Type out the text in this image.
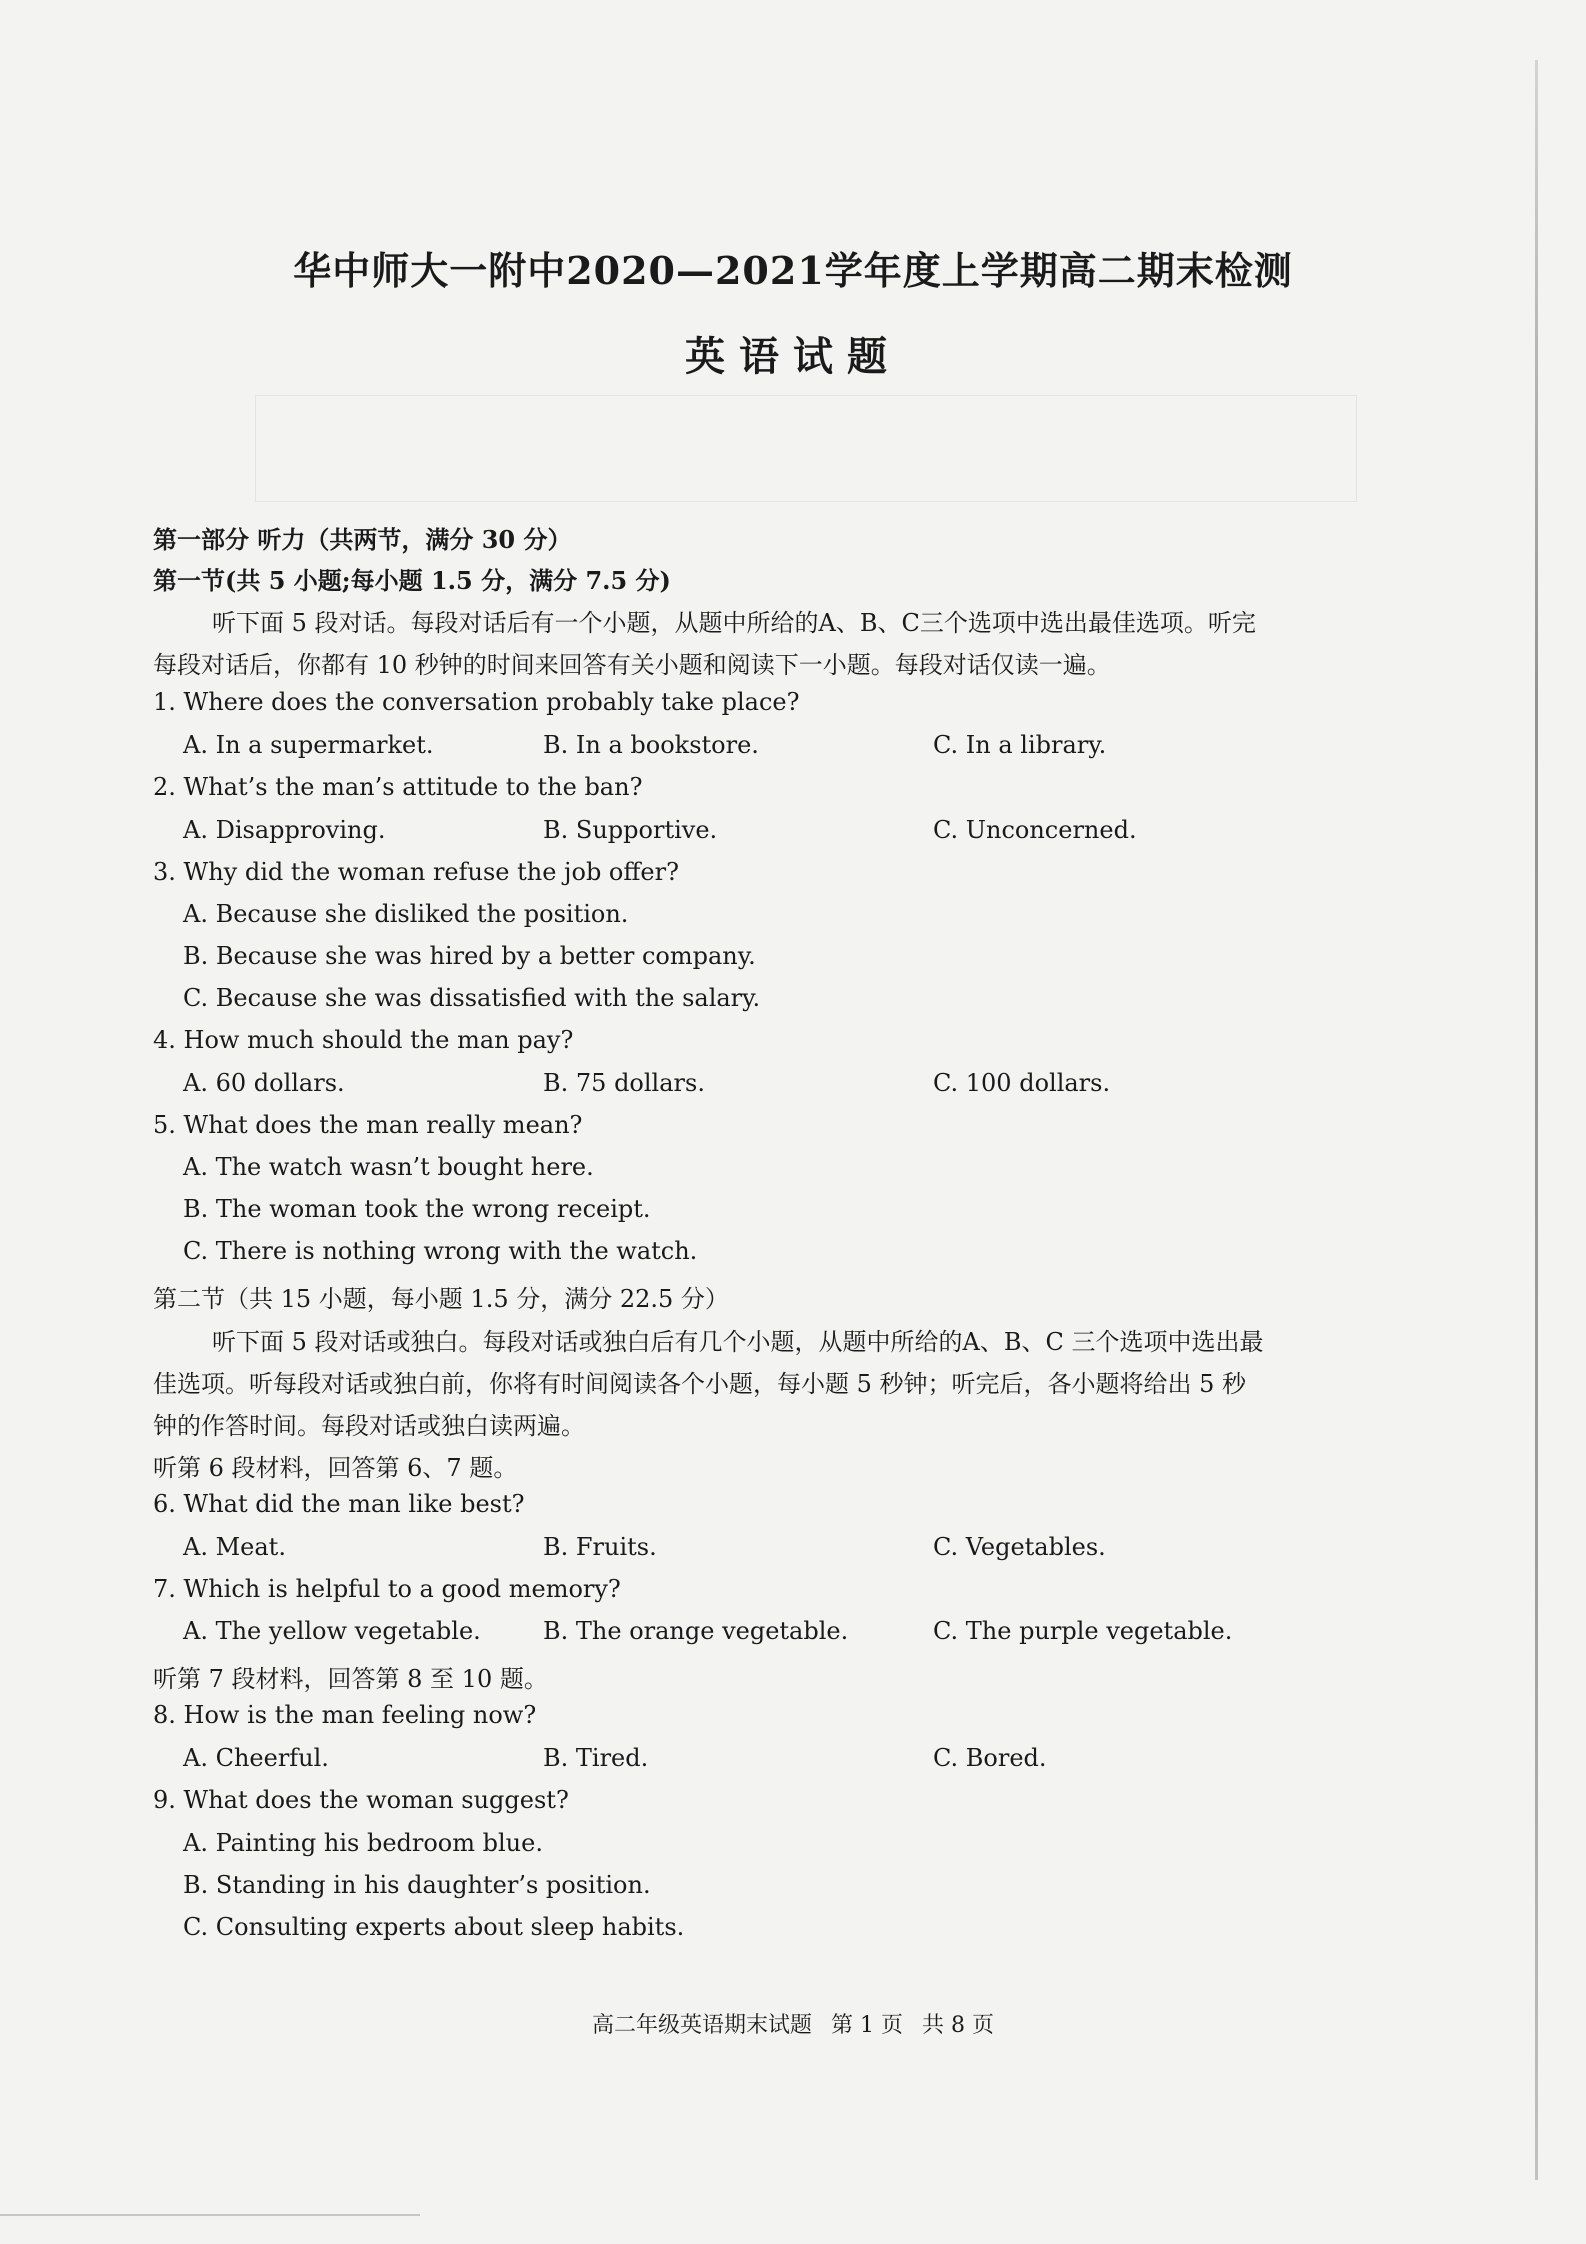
华中师大一附中2020—2021学年度上学期高二期末检测
英语试题
第一部分 听力（共两节，满分 30 分）
第一节(共 5 小题;每小题 1.5 分，满分 7.5 分)
听下面 5 段对话。每段对话后有一个小题，从题中所给的A、B、C三个选项中选出最佳选项。听完
每段对话后，你都有 10 秒钟的时间来回答有关小题和阅读下一小题。每段对话仅读一遍。
1. Where does the conversation probably take place?
A. In a supermarket.	B. In a bookstore.	C. In a library.
2. What’s the man’s attitude to the ban?
A. Disapproving.	B. Supportive.	C. Unconcerned.
3. Why did the woman refuse the job offer?
A. Because she disliked the position.
B. Because she was hired by a better company.
C. Because she was dissatisfied with the salary.
4. How much should the man pay?
A. 60 dollars.	B. 75 dollars.	C. 100 dollars.
5. What does the man really mean?
A. The watch wasn’t bought here.
B. The woman took the wrong receipt.
C. There is nothing wrong with the watch.
第二节（共 15 小题，每小题 1.5 分，满分 22.5 分）
听下面 5 段对话或独白。每段对话或独白后有几个小题，从题中所给的A、B、C 三个选项中选出最
佳选项。听每段对话或独白前，你将有时间阅读各个小题，每小题 5 秒钟；听完后，各小题将给出 5 秒
钟的作答时间。每段对话或独白读两遍。
听第 6 段材料，回答第 6、7 题。
6. What did the man like best?
A. Meat.	B. Fruits.	C. Vegetables.
7. Which is helpful to a good memory?
A. The yellow vegetable.	B. The orange vegetable.	C. The purple vegetable.
听第 7 段材料，回答第 8 至 10 题。
8. How is the man feeling now?
A. Cheerful.	B. Tired.	C. Bored.
9. What does the woman suggest?
A. Painting his bedroom blue.
B. Standing in his daughter’s position.
C. Consulting experts about sleep habits.
高二年级英语期末试题 第 1 页 共 8 页
